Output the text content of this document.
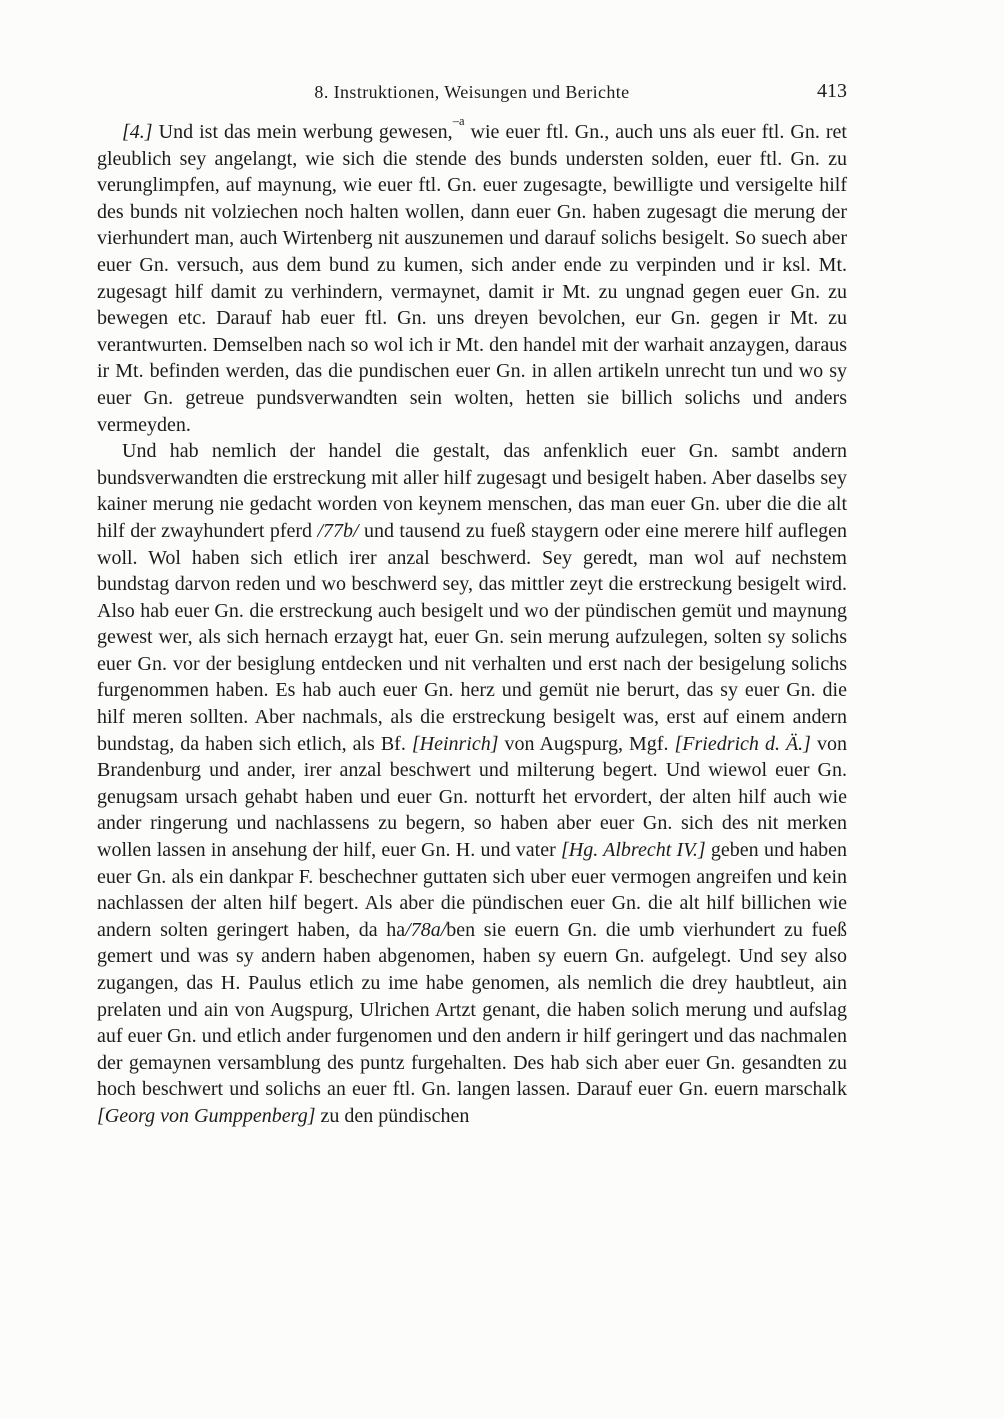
8. Instruktionen, Weisungen und Berichte	413

[4.] Und ist das mein werbung gewesen,$^{-a}$ wie euer ftl. Gn., auch uns als euer ftl. Gn. ret gleublich sey angelangt, wie sich die stende des bunds understen solden, euer ftl. Gn. zu verunglimpfen, auf maynung, wie euer ftl. Gn. euer zugesagte, bewilligte und versigelte hilf des bunds nit volziechen noch halten wollen, dann euer Gn. haben zugesagt die merung der vierhundert man, auch Wirtenberg nit auszunemen und darauf solichs besigelt. So suech aber euer Gn. versuch, aus dem bund zu kumen, sich ander ende zu verpinden und ir ksl. Mt. zugesagt hilf damit zu verhindern, vermaynet, damit ir Mt. zu ungnad gegen euer Gn. zu bewegen etc. Darauf hab euer ftl. Gn. uns dreyen bevolchen, eur Gn. gegen ir Mt. zu verantwurten. Demselben nach so wol ich ir Mt. den handel mit der warhait anzaygen, daraus ir Mt. befinden werden, das die pundischen euer Gn. in allen artikeln unrecht tun und wo sy euer Gn. getreue pundsverwandten sein wolten, hetten sie billich solichs und anders vermeyden.

Und hab nemlich der handel die gestalt, das anfenklich euer Gn. sambt andern bundsverwandten die erstreckung mit aller hilf zugesagt und besigelt haben. Aber daselbs sey kainer merung nie gedacht worden von keynem menschen, das man euer Gn. uber die die alt hilf der zwayhundert pferd /77b/ und tausend zu fueß staygern oder eine merere hilf auflegen woll. Wol haben sich etlich irer anzal beschwerd. Sey geredt, man wol auf nechstem bundstag darvon reden und wo beschwerd sey, das mittler zeyt die erstreckung besigelt wird. Also hab euer Gn. die erstreckung auch besigelt und wo der pündischen gemüt und maynung gewest wer, als sich hernach erzaygt hat, euer Gn. sein merung aufzulegen, solten sy solichs euer Gn. vor der besiglung entdecken und nit verhalten und erst nach der besigelung solichs furgenommen haben. Es hab auch euer Gn. herz und gemüt nie berurt, das sy euer Gn. die hilf meren sollten. Aber nachmals, als die erstreckung besigelt was, erst auf einem andern bundstag, da haben sich etlich, als Bf. [Heinrich] von Augspurg, Mgf. [Friedrich d. Ä.] von Brandenburg und ander, irer anzal beschwert und milterung begert. Und wiewol euer Gn. genugsam ursach gehabt haben und euer Gn. notturft het ervordert, der alten hilf auch wie ander ringerung und nachlassens zu begern, so haben aber euer Gn. sich des nit merken wollen lassen in ansehung der hilf, euer Gn. H. und vater [Hg. Albrecht IV.] geben und haben euer Gn. als ein dankpar F. beschechner guttaten sich uber euer vermogen angreifen und kein nachlassen der alten hilf begert. Als aber die pündischen euer Gn. die alt hilf billichen wie andern solten geringert haben, da ha/78a/ben sie euern Gn. die umb vierhundert zu fueß gemert und was sy andern haben abgenomen, haben sy euern Gn. aufgelegt. Und sey also zugangen, das H. Paulus etlich zu ime habe genomen, als nemlich die drey haubtleut, ain prelaten und ain von Augspurg, Ulrichen Artzt genant, die haben solich merung und aufslag auf euer Gn. und etlich ander furgenomen und den andern ir hilf geringert und das nachmalen der gemaynen versamblung des puntz furgehalten. Des hab sich aber euer Gn. gesandten zu hoch beschwert und solichs an euer ftl. Gn. langen lassen. Darauf euer Gn. euern marschalk [Georg von Gumppenberg] zu den pündischen
